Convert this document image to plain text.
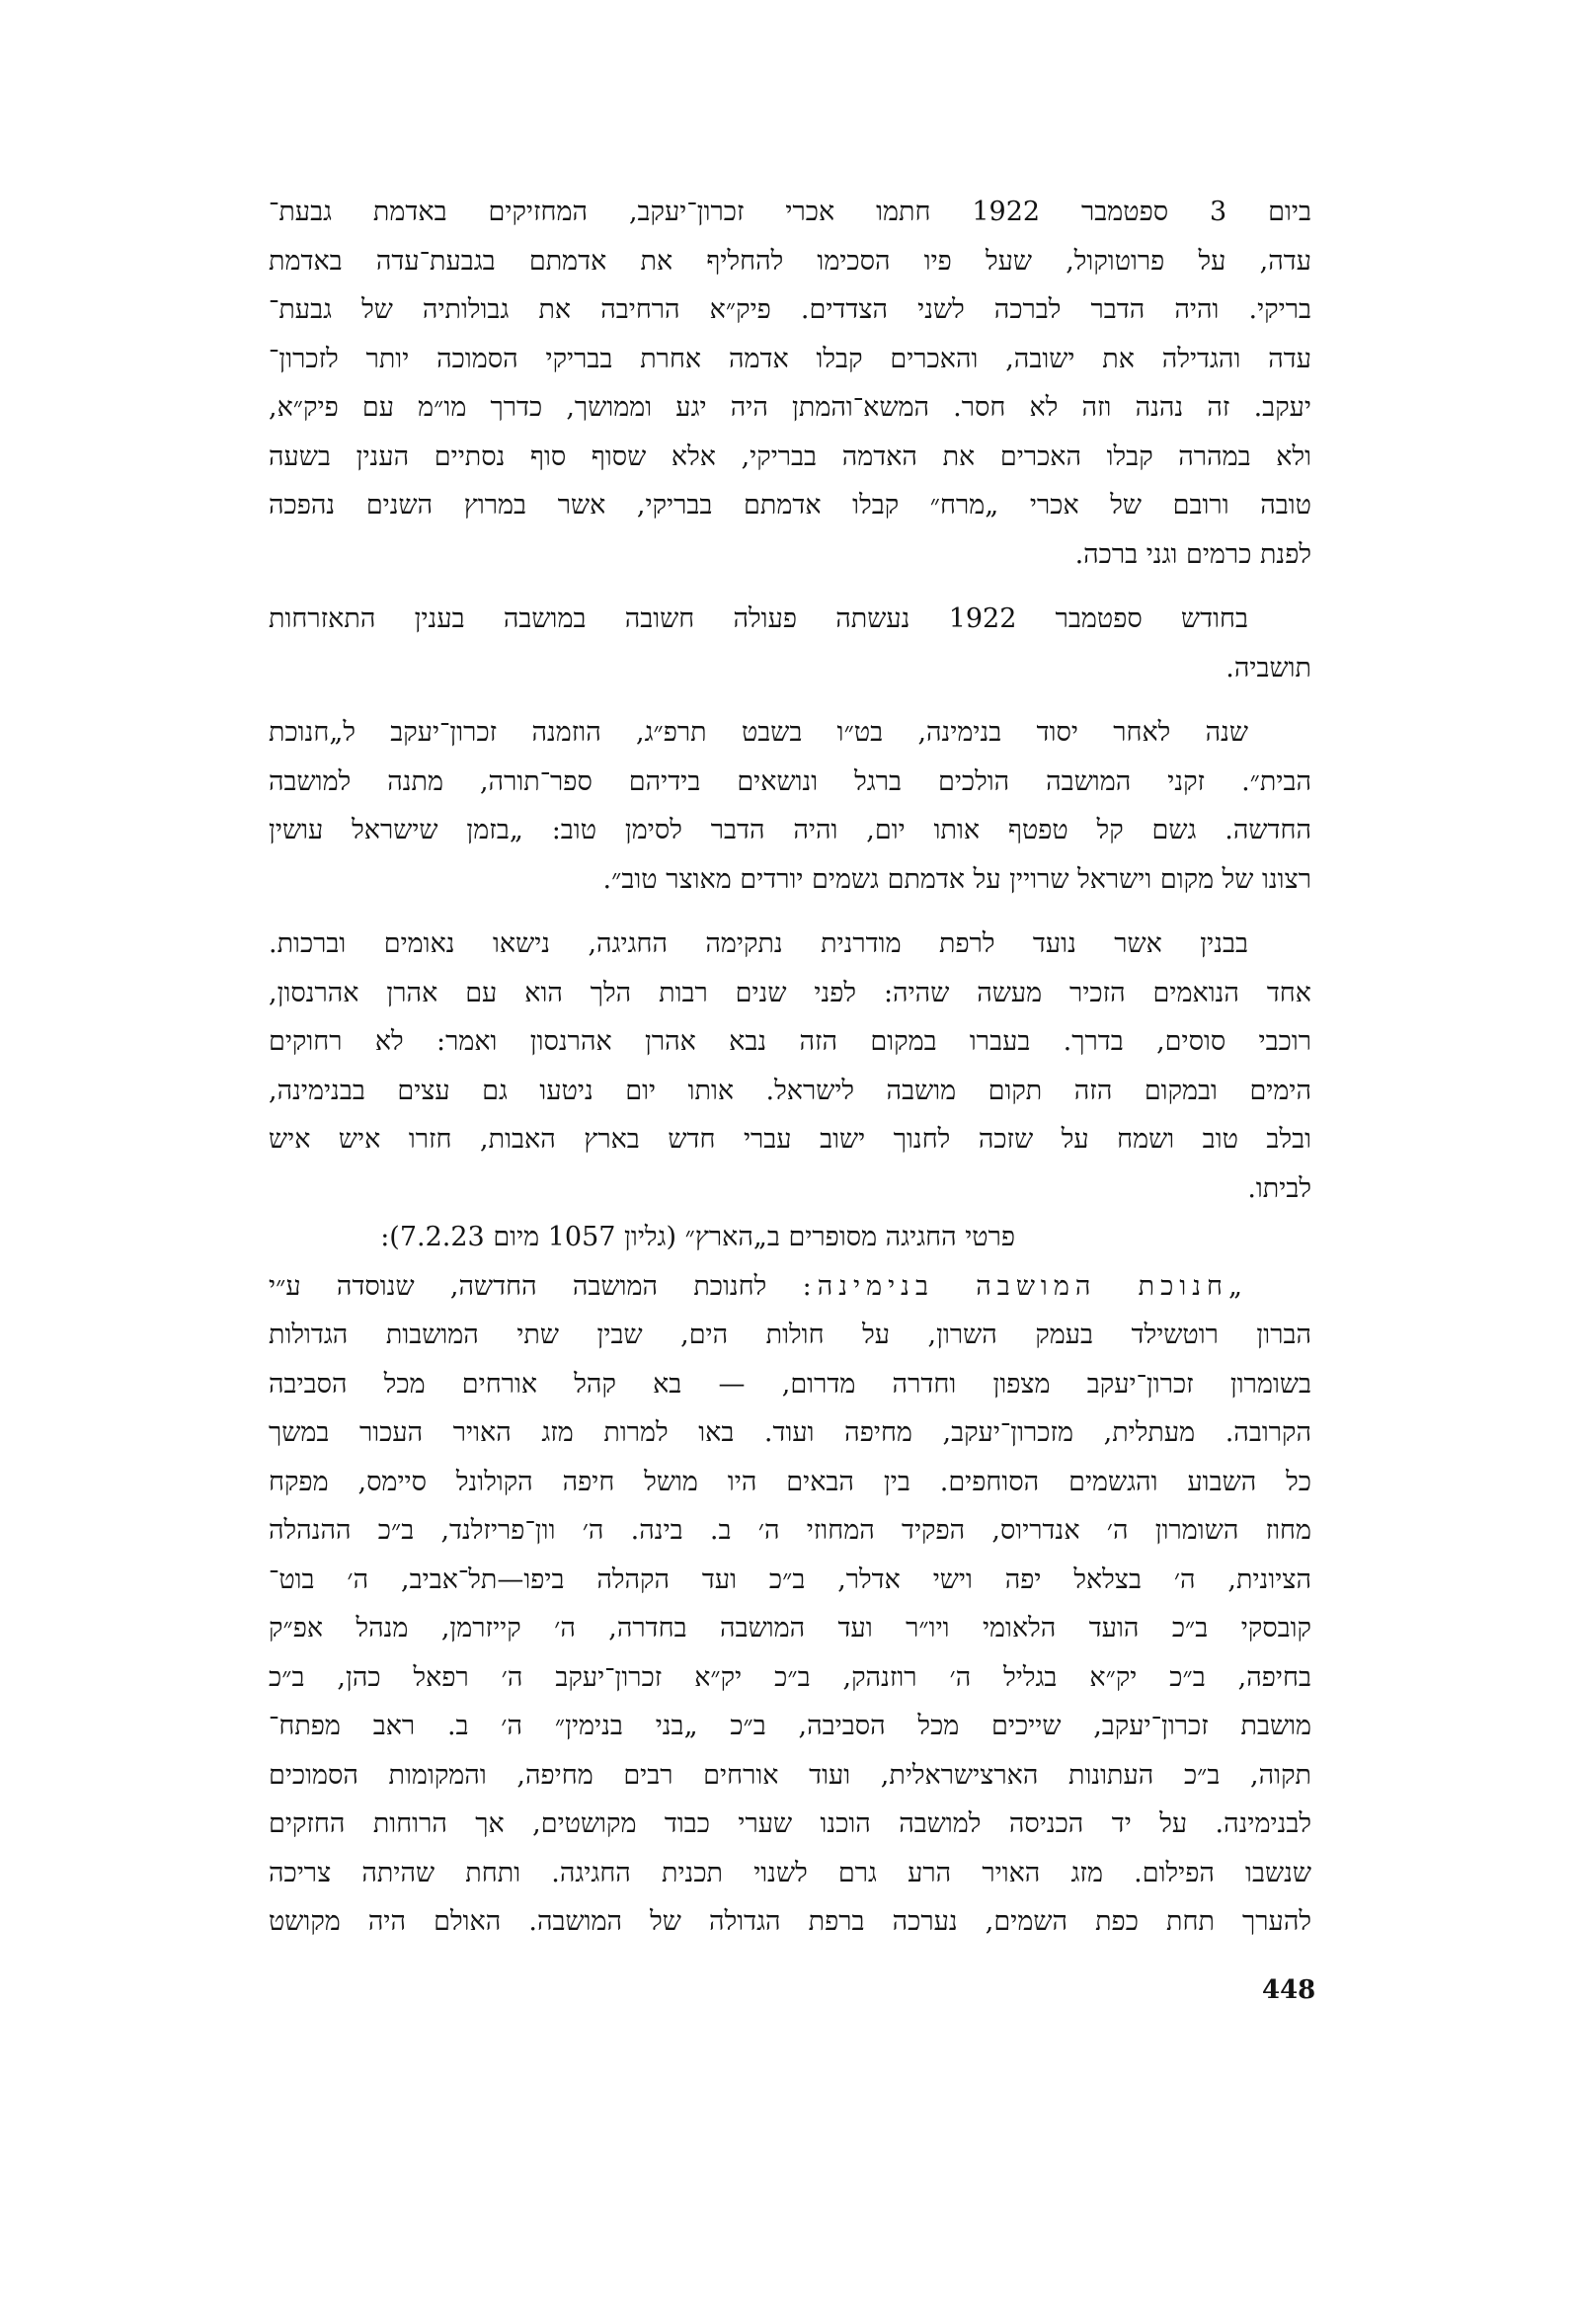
ביום 3 ספטמבר 1922 חתמו אכרי זכרון־יעקב, המחזיקים באדמת גבעת־
עדה, על פרוטוקול, שעל פיו הסכימו להחליף את אדמתם בגבעת־עדה באדמת
בריקי. והיה הדבר לברכה לשני הצדדים. פיק״א הרחיבה את גבולותיה של גבעת־
עדה והגדילה את ישובה, והאכרים קבלו אדמה אחרת בבריקי הסמוכה יותר לזכרון־
יעקב. זה נהנה וזה לא חסר. המשא־והמתן היה יגע וממושך, כדרך מו״מ עם פיק״א,
ולא במהרה קבלו האכרים את האדמה בבריקי, אלא שסוף סוף נסתיים הענין בשעה
טובה ורובם של אכרי „מרח״ קבלו אדמתם בבריקי, אשר במרוץ השנים נהפכה
לפנת כרמים וגני ברכה.
בחודש ספטמבר 1922 נעשתה פעולה חשובה במושבה בענין התאזרחות
תושביה.
שנה לאחר יסוד בנימינה, בט״ו בשבט תרפ״ג, הוזמנה זכרון־יעקב ל„חנוכת
הבית״. זקני המושבה הולכים ברגל ונושאים בידיהם ספר־תורה, מתנה למושבה
החדשה. גשם קל טפטף אותו יום, והיה הדבר לסימן טוב: „בזמן שישראל עושין
רצונו של מקום וישראל שרויין על אדמתם גשמים יורדים מאוצר טוב״.
בבנין אשר נועד לרפת מודרנית נתקימה החגיגה, נישאו נאומים וברכות.
אחד הנואמים הזכיר מעשה שהיה: לפני שנים רבות הלך הוא עם אהרן אהרנסון,
רוכבי סוסים, בדרך. בעברו במקום הזה נבא אהרן אהרנסון ואמר: לא רחוקים
הימים ובמקום הזה תקום מושבה לישראל. אותו יום ניטעו גם עצים בבנימינה,
ובלב טוב ושמח על שזכה לחנוך ישוב עברי חדש בארץ האבות, חזרו איש איש
לביתו.
פרטי החגיגה מסופרים ב„הארץ״ (גליון 1057 מיום 7.2.23):
„חנוכת המושבה בנימינה: לחנוכת המושבה החדשה, שנוסדה ע״י
הברון רוטשילד בעמק השרון, על חולות הים, שבין שתי המושבות הגדולות
בשומרון זכרון־יעקב מצפון וחדרה מדרום, — בא קהל אורחים מכל הסביבה
הקרובה. מעתלית, מזכרון־יעקב, מחיפה ועוד. באו למרות מזג האויר העכור במשך
כל השבוע והגשמים הסוחפים. בין הבאים היו מושל חיפה הקולונל סיימס, מפקח
מחוז השומרון ה׳ אנדריוס, הפקיד המחוזי ה׳ ב. בינה. ה׳ וון־פריזלנד, ב״כ ההנהלה
הציונית, ה׳ בצלאל יפה וישי אדלר, ב״כ ועד הקהלה ביפו—תל־אביב, ה׳ בוט־
קובסקי ב״כ הועד הלאומי ויו״ר ועד המושבה בחדרה, ה׳ קייזרמן, מנהל אפ״ק
בחיפה, ב״כ יק״א בגליל ה׳ רוזנהק, ב״כ יק״א זכרון־יעקב ה׳ רפאל כהן, ב״כ
מושבת זכרון־יעקב, שייכים מכל הסביבה, ב״כ „בני בנימין״ ה׳ ב. ראב מפתח־
תקוה, ב״כ העתונות הארצישראלית, ועוד אורחים רבים מחיפה, והמקומות הסמוכים
לבנימינה. על יד הכניסה למושבה הוכנו שערי כבוד מקושטים, אך הרוחות החזקים
שנשבו הפילום. מזג האויר הרע גרם לשנוי תכנית החגיגה. ותחת שהיתה צריכה
להערך תחת כפת השמים, נערכה ברפת הגדולה של המושבה. האולם היה מקושט
448
